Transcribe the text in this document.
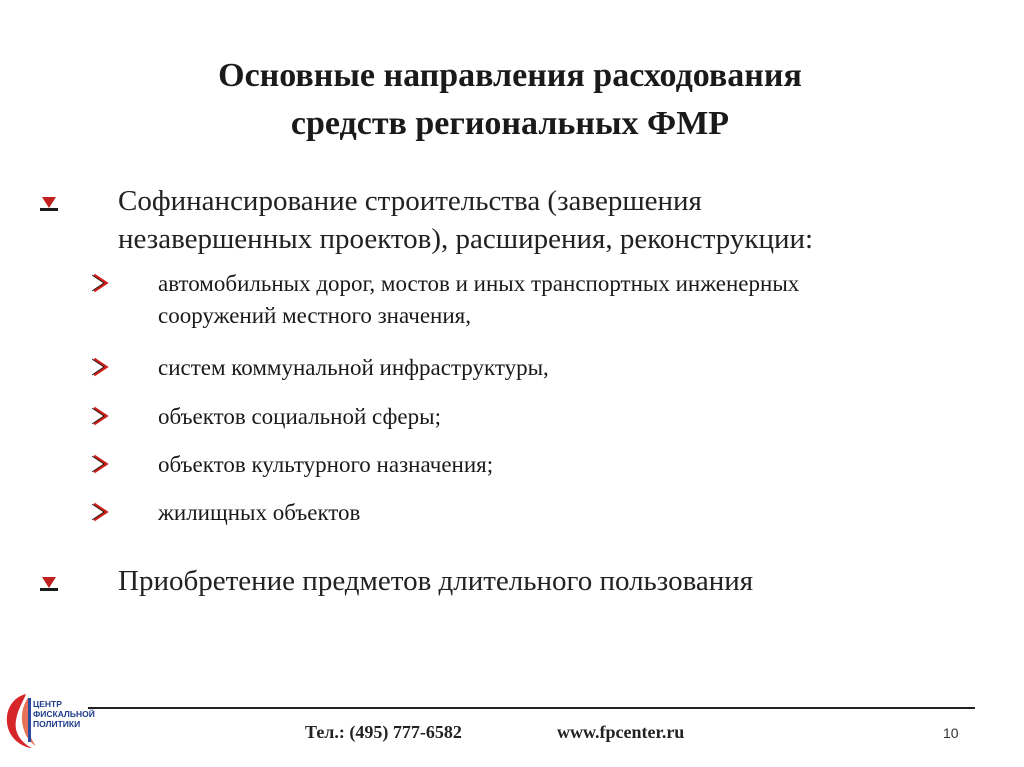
Основные направления расходования
средств региональных ФМР
Софинансирование строительства (завершения
незавершенных проектов), расширения, реконструкции:
автомобильных дорог, мостов и иных транспортных инженерных
сооружений местного значения,
систем коммунальной инфраструктуры,
объектов социальной сферы;
объектов культурного назначения;
жилищных объектов
Приобретение предметов длительного пользования
ЦЕНТР
ФИСКАЛЬНОЙ
ПОЛИТИКИ	Тел.: (495) 777-6582	www.fpcenter.ru	10
